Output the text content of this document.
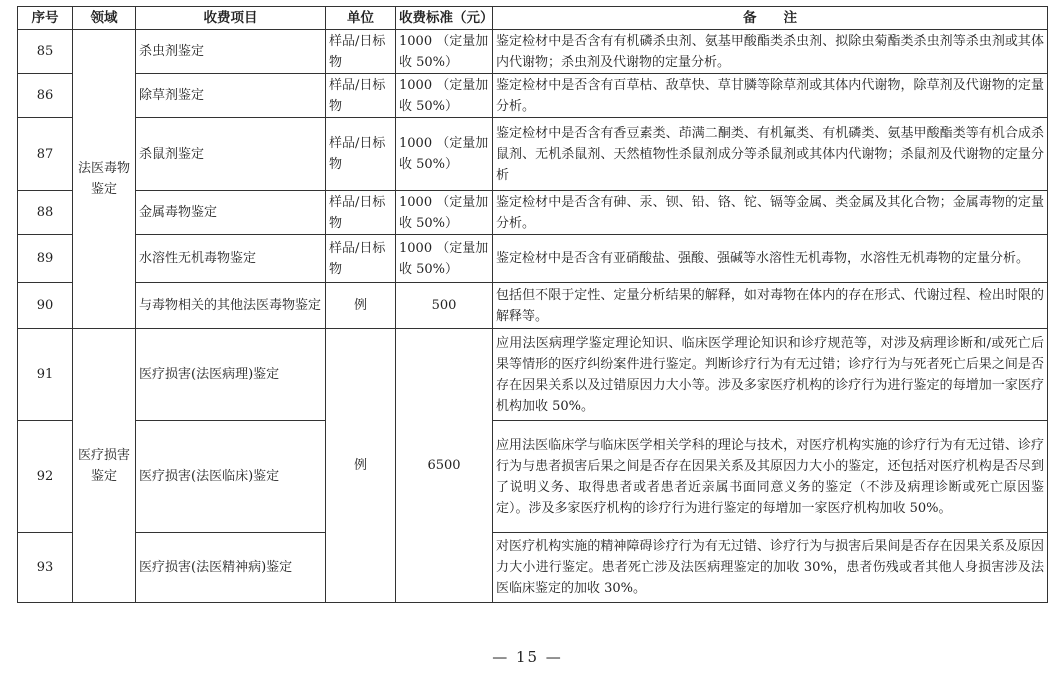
序号	领域	收费项目	单位	收费标准（元）	备　　注
85	法医毒物鉴定	杀虫剂鉴定	样品/日标物	1000 （定量加收 50%）	鉴定检材中是否含有有机磷杀虫剂、氨基甲酸酯类杀虫剂、拟除虫菊酯类杀虫剂等杀虫剂或其体内代谢物；杀虫剂及代谢物的定量分析。
86		除草剂鉴定	样品/日标物	1000 （定量加收 50%）	鉴定检材中是否含有百草枯、敌草快、草甘膦等除草剂或其体内代谢物，除草剂及代谢物的定量分析。
87		杀鼠剂鉴定	样品/日标物	1000 （定量加收 50%）	鉴定检材中是否含有香豆素类、茚满二酮类、有机氟类、有机磷类、氨基甲酸酯类等有机合成杀鼠剂、无机杀鼠剂、天然植物性杀鼠剂成分等杀鼠剂或其体内代谢物；杀鼠剂及代谢物的定量分析
88		金属毒物鉴定	样品/日标物	1000 （定量加收 50%）	鉴定检材中是否含有砷、汞、钡、铅、铬、铊、镉等金属、类金属及其化合物；金属毒物的定量分析。
89		水溶性无机毒物鉴定	样品/日标物	1000 （定量加收 50%）	鉴定检材中是否含有亚硝酸盐、强酸、强碱等水溶性无机毒物，水溶性无机毒物的定量分析。
90		与毒物相关的其他法医毒物鉴定	例	500	包括但不限于定性、定量分析结果的解释，如对毒物在体内的存在形式、代谢过程、检出时限的解释等。
91	医疗损害鉴定	医疗损害(法医病理)鉴定	例	6500	应用法医病理学鉴定理论知识、临床医学理论知识和诊疗规范等，对涉及病理诊断和/或死亡后果等情形的医疗纠纷案件进行鉴定。判断诊疗行为有无过错；诊疗行为与死者死亡后果之间是否存在因果关系以及过错原因力大小等。涉及多家医疗机构的诊疗行为进行鉴定的每增加一家医疗机构加收 50%。
92		医疗损害(法医临床)鉴定			应用法医临床学与临床医学相关学科的理论与技术，对医疗机构实施的诊疗行为有无过错、诊疗行为与患者损害后果之间是否存在因果关系及其原因力大小的鉴定，还包括对医疗机构是否尽到了说明义务、取得患者或者患者近亲属书面同意义务的鉴定（不涉及病理诊断或死亡原因鉴定）。涉及多家医疗机构的诊疗行为进行鉴定的每增加一家医疗机构加收 50%。
93		医疗损害(法医精神病)鉴定			对医疗机构实施的精神障碍诊疗行为有无过错、诊疗行为与损害后果间是否存在因果关系及原因力大小进行鉴定。患者死亡涉及法医病理鉴定的加收 30%，患者伤残或者其他人身损害涉及法医临床鉴定的加收 30%。
— 15 —
